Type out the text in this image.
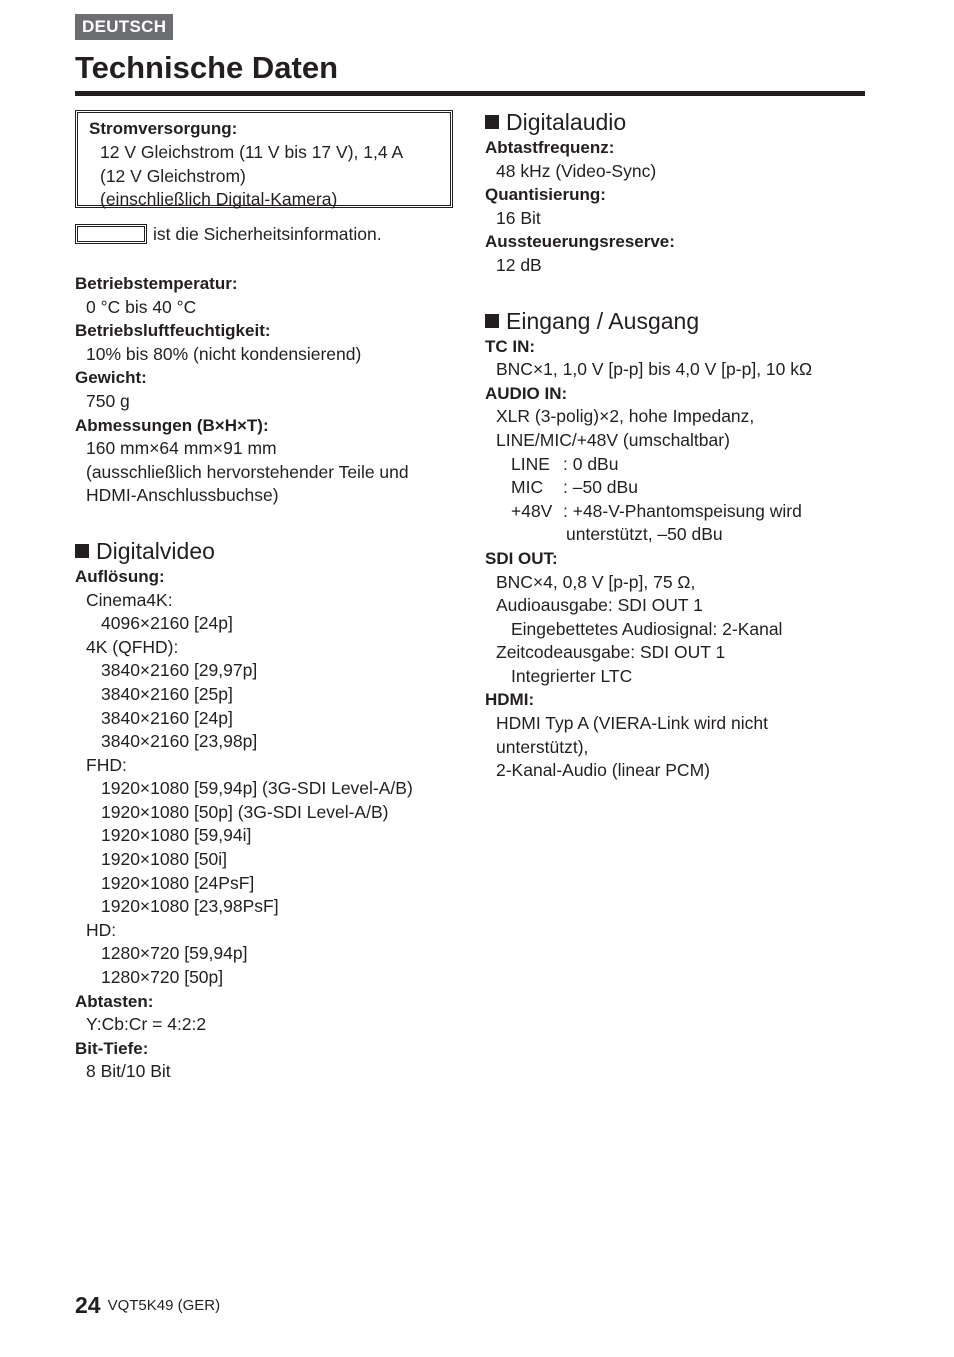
DEUTSCH
Technische Daten
Stromversorgung:
12 V Gleichstrom (11 V bis 17 V), 1,4 A
(12 V Gleichstrom)
(einschließlich Digital-Kamera)
ist die Sicherheitsinformation.
Betriebstemperatur:
0 °C bis 40 °C
Betriebsluftfeuchtigkeit:
10% bis 80% (nicht kondensierend)
Gewicht:
750 g
Abmessungen (B×H×T):
160 mm×64 mm×91 mm
(ausschließlich hervorstehender Teile und
HDMI-Anschlussbuchse)
Digitalvideo
Auflösung:
Cinema4K:
4096×2160 [24p]
4K (QFHD):
3840×2160 [29,97p]
3840×2160 [25p]
3840×2160 [24p]
3840×2160 [23,98p]
FHD:
1920×1080 [59,94p] (3G-SDI Level-A/B)
1920×1080 [50p] (3G-SDI Level-A/B)
1920×1080 [59,94i]
1920×1080 [50i]
1920×1080 [24PsF]
1920×1080 [23,98PsF]
HD:
1280×720 [59,94p]
1280×720 [50p]
Abtasten:
Y:Cb:Cr = 4:2:2
Bit-Tiefe:
8 Bit/10 Bit
Digitalaudio
Abtastfrequenz:
48 kHz (Video-Sync)
Quantisierung:
16 Bit
Aussteuerungsreserve:
12 dB
Eingang / Ausgang
TC IN:
BNC×1, 1,0 V [p-p] bis 4,0 V [p-p], 10 kΩ
AUDIO IN:
XLR (3-polig)×2, hohe Impedanz,
LINE/MIC/+48V (umschaltbar)
LINE : 0 dBu
MIC	: –50 dBu
+48V : +48-V-Phantomspeisung wird
unterstützt, –50 dBu
SDI OUT:
BNC×4, 0,8 V [p-p], 75 Ω,
Audioausgabe: SDI OUT 1
Eingebettetes Audiosignal: 2-Kanal
Zeitcodeausgabe: SDI OUT 1
Integrierter LTC
HDMI:
HDMI Typ A (VIERA-Link wird nicht
unterstützt),
2-Kanal-Audio (linear PCM)
24 VQT5K49 (GER)
